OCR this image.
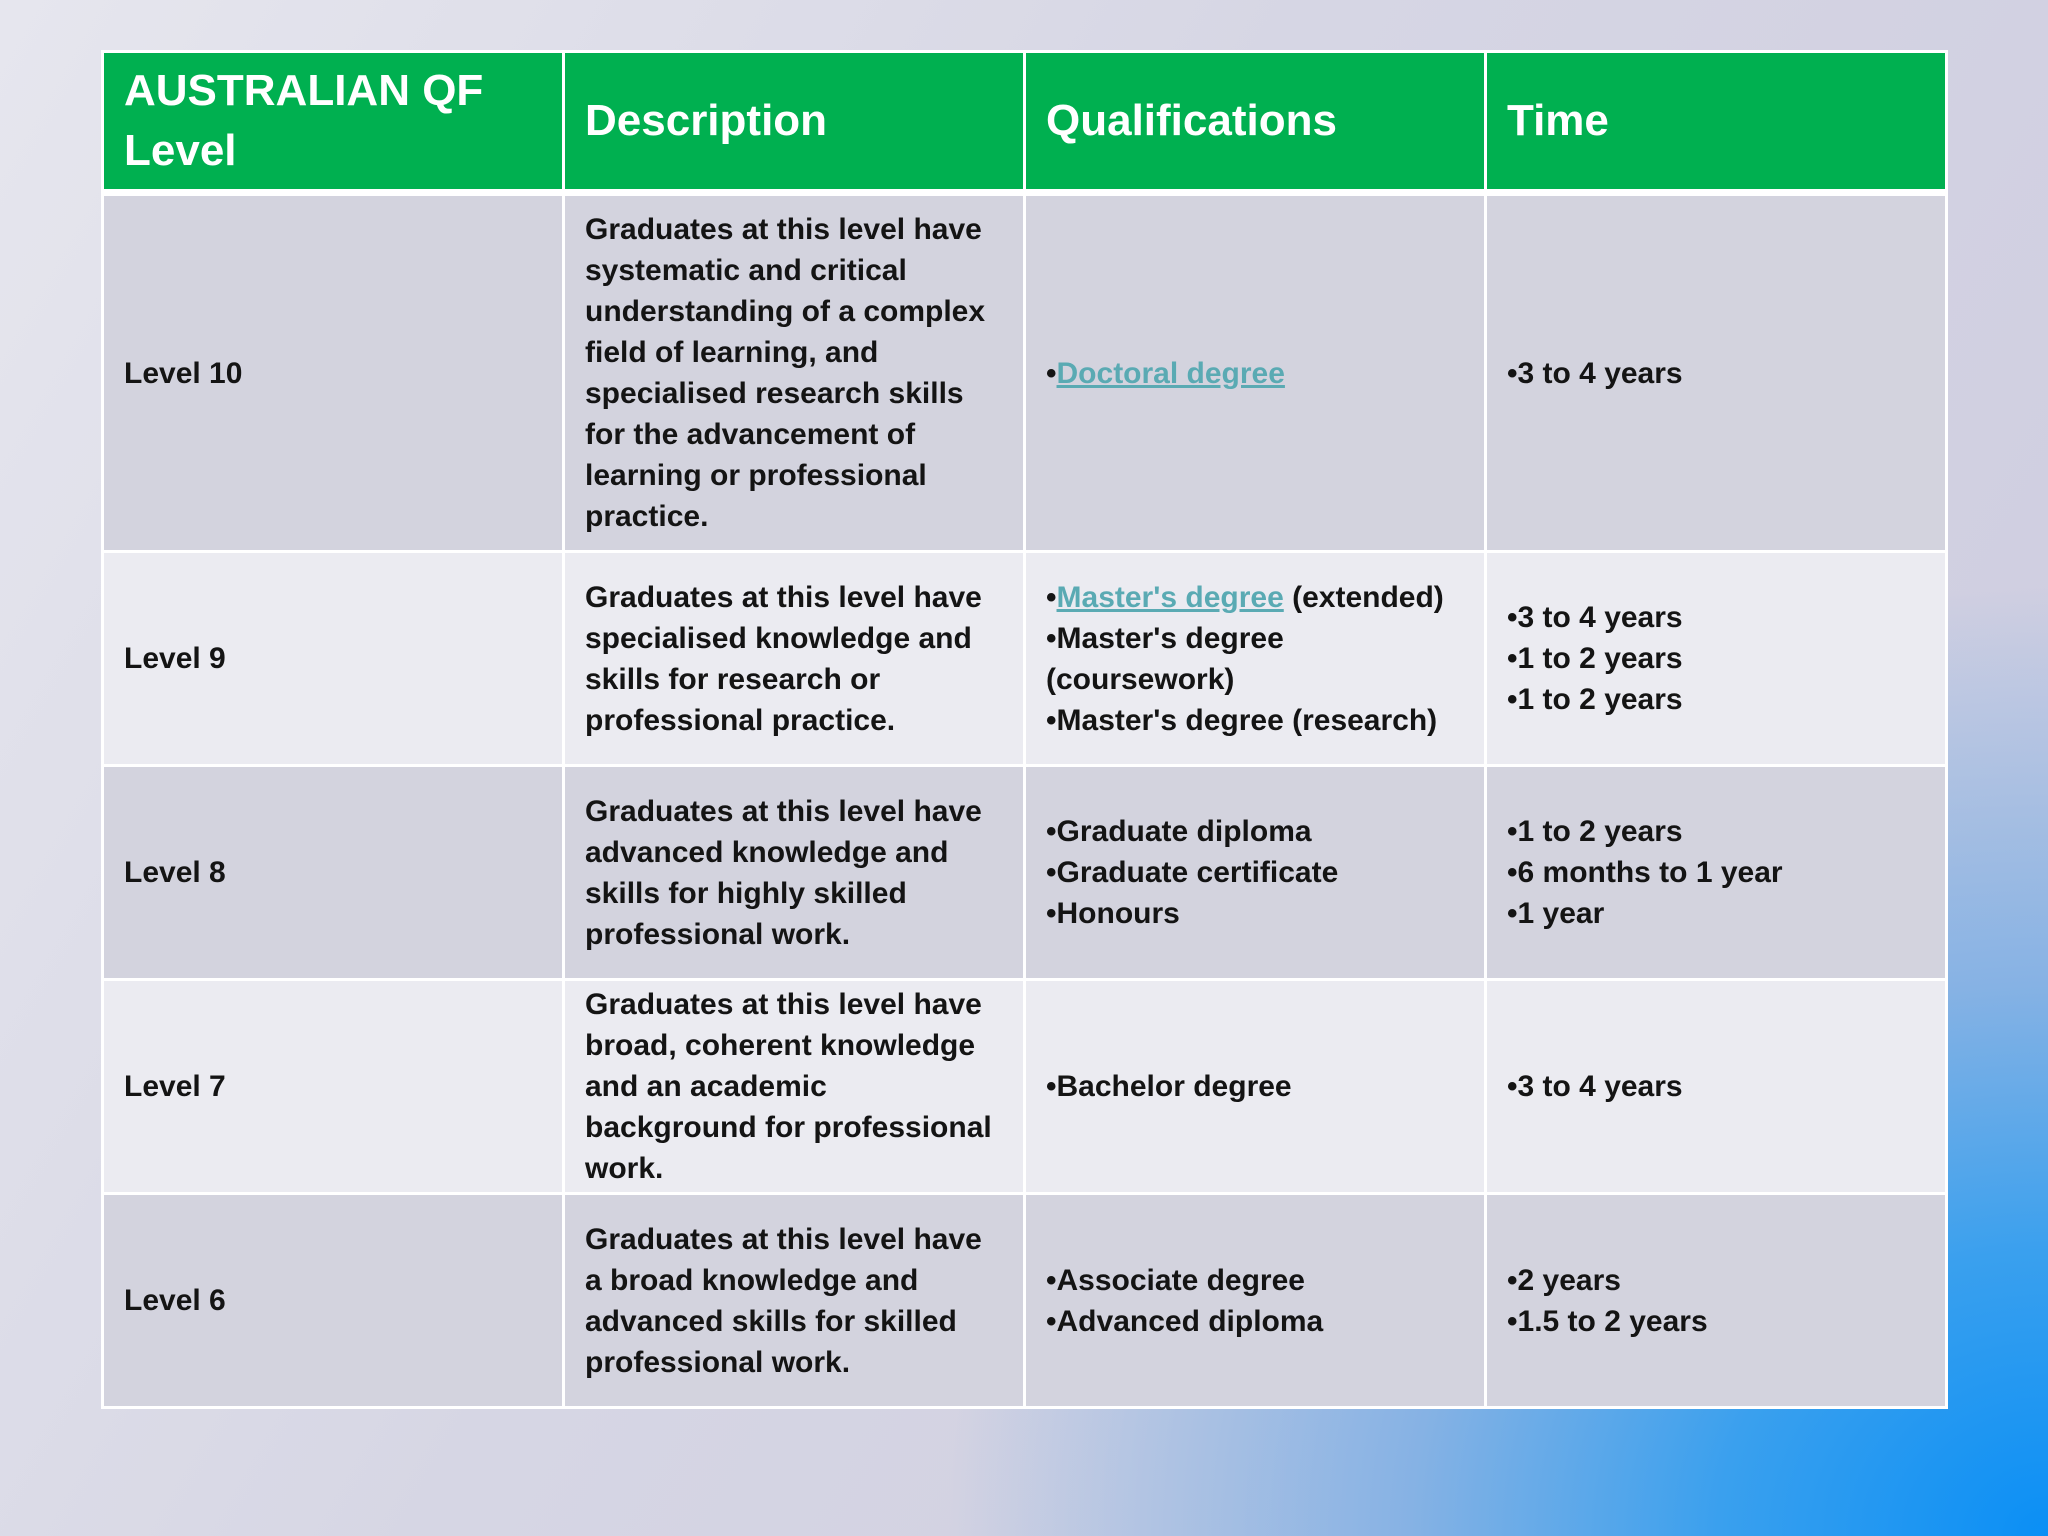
AUSTRALIAN QF Level	Description	Qualifications	Time
Level 10	Graduates at this level have systematic and critical understanding of a complex field of learning, and specialised research skills for the advancement of learning or professional practice.	•Doctoral degree	•3 to 4 years

Level 9	Graduates at this level have specialised knowledge and skills for research or professional practice.	•Master's degree (extended)
•Master's degree (coursework)
•Master's degree (research)	•3 to 4 years
•1 to 2 years
•1 to 2 years

Level 8	Graduates at this level have advanced knowledge and skills for highly skilled professional work.	•Graduate diploma
•Graduate certificate
•Honours	•1 to 2 years
•6 months to 1 year
•1 year

Level 7	Graduates at this level have broad, coherent knowledge and an academic background for professional work.	•Bachelor degree	•3 to 4 years

Level 6	Graduates at this level have a broad knowledge and advanced skills for skilled professional work.	•Associate degree
•Advanced diploma	•2 years
•1.5 to 2 years
